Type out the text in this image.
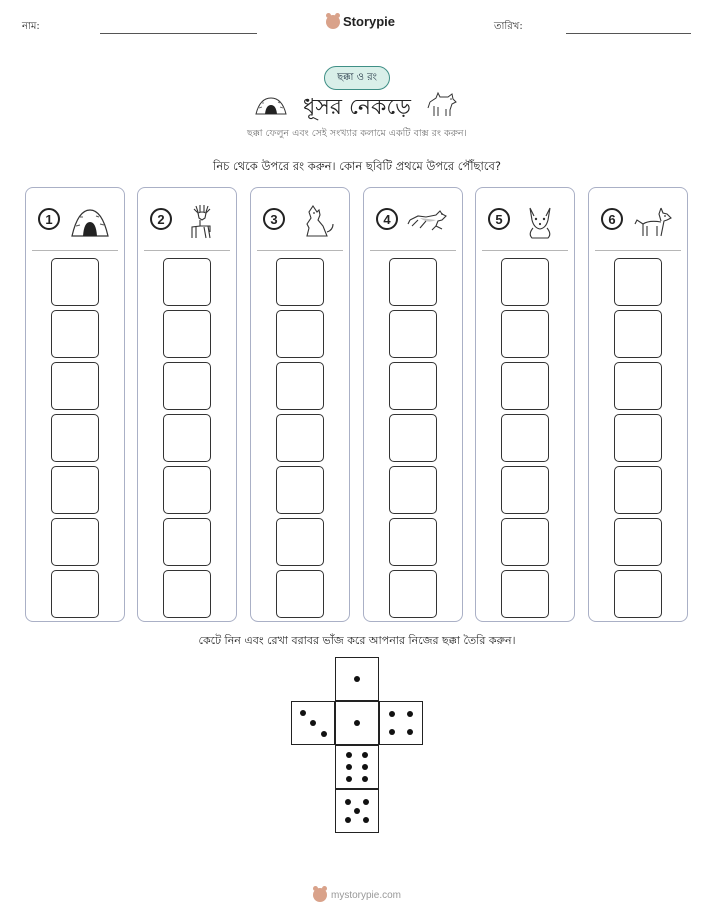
নাম:	Storypie	তারিখ:
ছক্কা ও রং
ধূসর নেকড়ে
ছক্কা ফেলুন এবং সেই সংখ্যার কলামে একটি বাক্স রং করুন।
নিচ থেকে উপরে রং করুন। কোন ছবিটি প্রথমে উপরে পৌঁছাবে?
1	2	3	4	5	6
কেটে নিন এবং রেখা বরাবর ভাঁজ করে আপনার নিজের ছক্কা তৈরি করুন।
mystorypie.com
